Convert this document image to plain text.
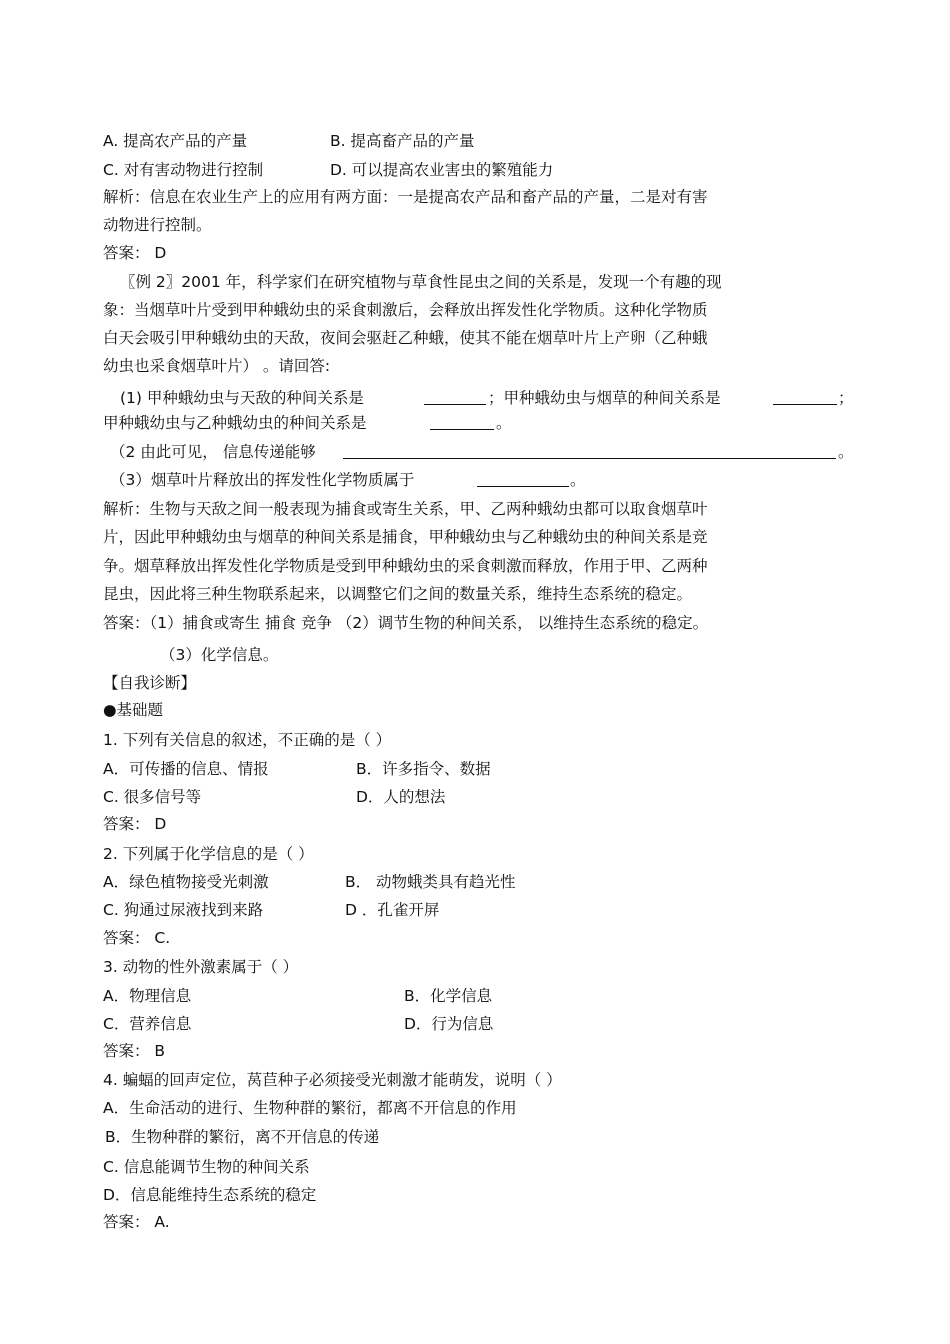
A. 提高农产品的产量	B. 提高畜产品的产量
C. 对有害动物进行控制	D. 可以提高农业害虫的繁殖能力
解析：信息在农业生产上的应用有两方面：一是提高农产品和畜产品的产量，二是对有害
动物进行控制。
答案： D
〖例 2〗2001 年，科学家们在研究植物与草食性昆虫之间的关系是，发现一个有趣的现
象：当烟草叶片受到甲种蛾幼虫的采食刺激后，会释放出挥发性化学物质。这种化学物质
白天会吸引甲种蛾幼虫的天敌，夜间会驱赶乙种蛾，使其不能在烟草叶片上产卵（乙种蛾
幼虫也采食烟草叶片） 。请回答:
(1) 甲种蛾幼虫与天敌的种间关系是	；甲种蛾幼虫与烟草的种间关系是	；
甲种蛾幼虫与乙种蛾幼虫的种间关系是	。
（2 由此可见， 信息传递能够	。
（3）烟草叶片释放出的挥发性化学物质属于	。
解析：生物与天敌之间一般表现为捕食或寄生关系，甲、乙两种蛾幼虫都可以取食烟草叶
片，因此甲种蛾幼虫与烟草的种间关系是捕食，甲种蛾幼虫与乙种蛾幼虫的种间关系是竞
争。烟草释放出挥发性化学物质是受到甲种蛾幼虫的采食刺激而释放，作用于甲、乙两种
昆虫，因此将三种生物联系起来，以调整它们之间的数量关系，维持生态系统的稳定。
答案：（1）捕食或寄生 捕食 竞争 （2）调节生物的种间关系， 以维持生态系统的稳定。
（3）化学信息。
【自我诊断】
●基础题
1. 下列有关信息的叙述，不正确的是（ ）
A．可传播的信息、情报	B．许多指令、数据
C. 很多信号等	D．人的想法
答案： D
2. 下列属于化学信息的是（ ）
A．绿色植物接受光刺激	B． 动物蛾类具有趋光性
C. 狗通过尿液找到来路	D ．孔雀开屏
答案： C.
3. 动物的性外激素属于（ ）
A．物理信息	B．化学信息
C．营养信息	D．行为信息
答案： B
4. 蝙蝠的回声定位，莴苣种子必须接受光刺激才能萌发，说明（ ）
A．生命活动的进行、生物种群的繁衍，都离不开信息的作用
B．生物种群的繁衍，离不开信息的传递
C. 信息能调节生物的种间关系
D．信息能维持生态系统的稳定
答案： A.
